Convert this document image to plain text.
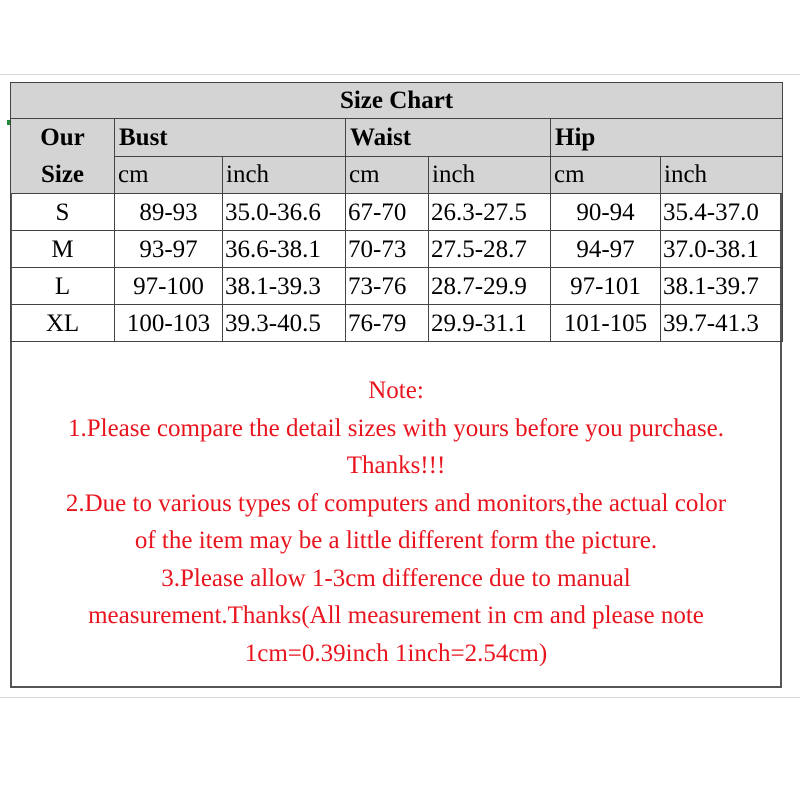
Size Chart						
Our
Size	Bust		Waist		Hip	
	cm	inch	cm	inch	cm	inch
S	89-93	35.0-36.6	67-70	26.3-27.5	90-94	35.4-37.0
M	93-97	36.6-38.1	70-73	27.5-28.7	94-97	37.0-38.1
L	97-100	38.1-39.3	73-76	28.7-29.9	97-101	38.1-39.7
XL	100-103	39.3-40.5	76-79	29.9-31.1	101-105	39.7-41.3
Note:
1.Please compare the detail sizes with yours before you purchase.
Thanks!!!
2.Due to various types of computers and monitors,the actual color
of the item may be a little different form the picture.
3.Please allow 1-3cm difference due to manual
measurement.Thanks(All measurement in cm and please note
1cm=0.39inch 1inch=2.54cm)
